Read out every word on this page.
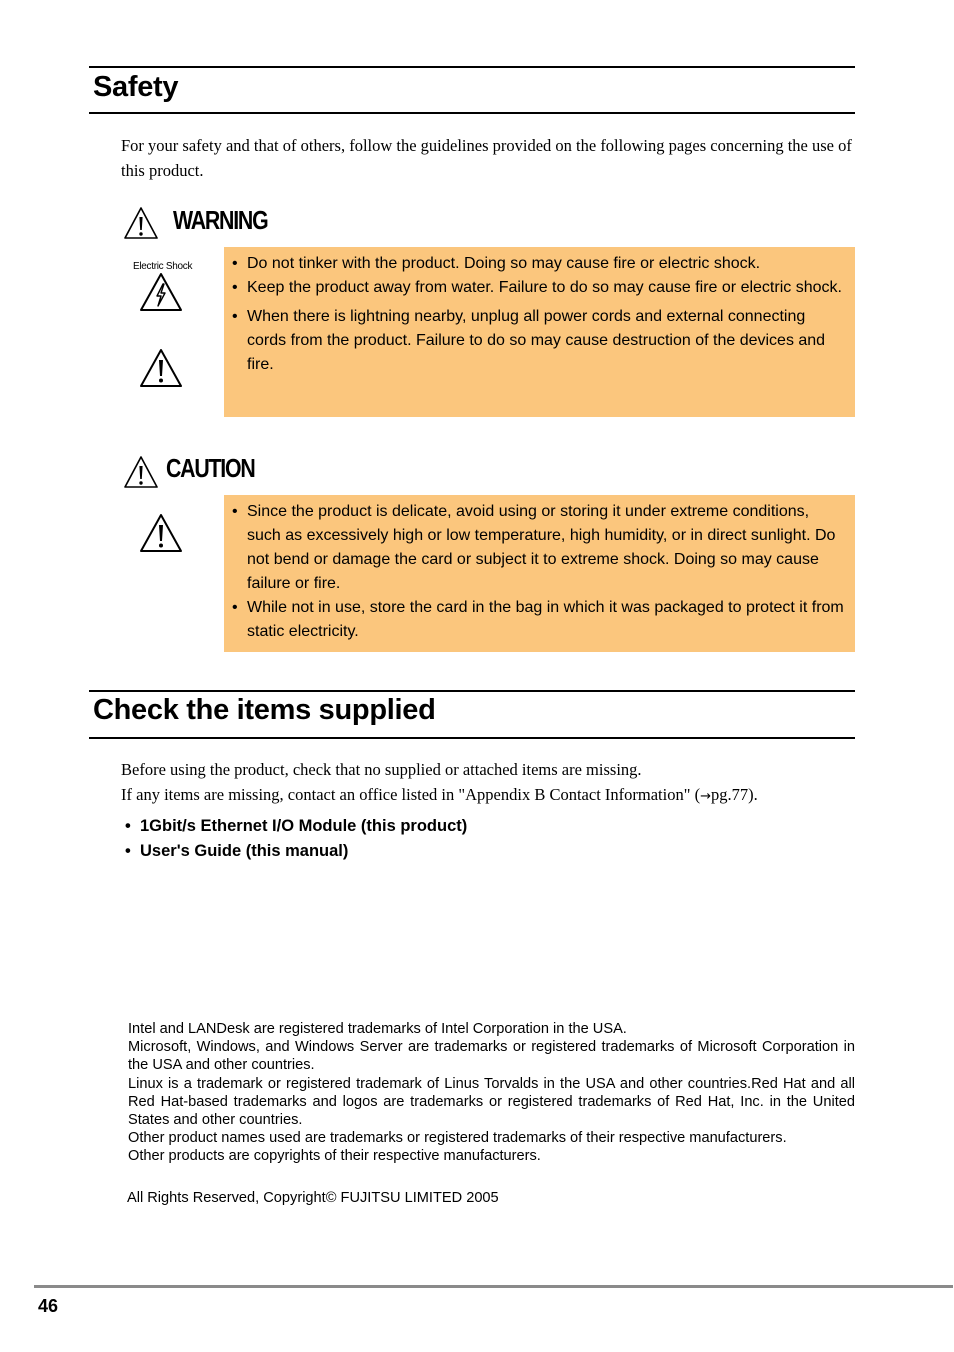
Safety
For your safety and that of others, follow the guidelines provided on the following pages concerning the use of this product.
WARNING
Electric Shock
•	Do not tinker with the product. Doing so may cause fire or electric shock.
• Keep the product away from water. Failure to do so may cause fire or electric shock.
• When there is lightning nearby, unplug all power cords and external connecting cords from the product. Failure to do so may cause destruction of the devices and fire.
CAUTION
• Since the product is delicate, avoid using or storing it under extreme conditions, such as excessively high or low temperature, high humidity, or in direct sunlight. Do not bend or damage the card or subject it to extreme shock. Doing so may cause failure or fire.
• While not in use, store the card in the bag in which it was packaged to protect it from static electricity.
Check the items supplied
Before using the product, check that no supplied or attached items are missing.
If any items are missing, contact an office listed in "Appendix B Contact Information" (→pg.77).
• 1Gbit/s Ethernet I/O Module (this product)
• User's Guide (this manual)

Intel and LANDesk are registered trademarks of Intel Corporation in the USA.

Microsoft, Windows, and Windows Server are trademarks or registered trademarks of Microsoft Corporation in the USA and other countries.

Linux is a trademark or registered trademark of Linus Torvalds in the USA and other countries.Red Hat and all Red Hat-based trademarks and logos are trademarks or registered trademarks of Red Hat, Inc. in the United States and other countries.

Other product names used are trademarks or registered trademarks of their respective manufacturers.

Other products are copyrights of their respective manufacturers.

All Rights Reserved, Copyright© FUJITSU LIMITED 2005
46
